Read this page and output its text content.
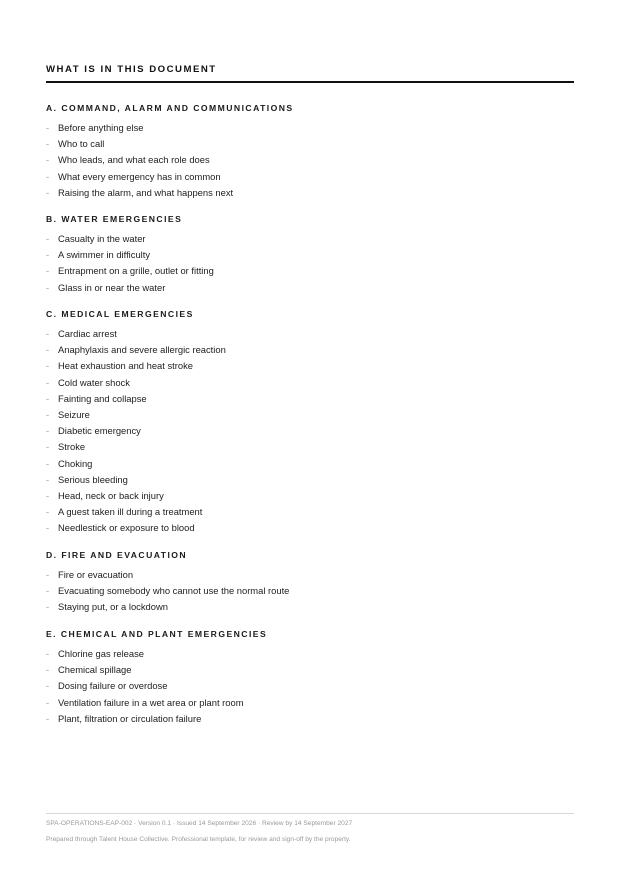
WHAT IS IN THIS DOCUMENT
A. COMMAND, ALARM AND COMMUNICATIONS
- Before anything else
- Who to call
- Who leads, and what each role does
- What every emergency has in common
- Raising the alarm, and what happens next
B. WATER EMERGENCIES
- Casualty in the water
- A swimmer in difficulty
- Entrapment on a grille, outlet or fitting
- Glass in or near the water
C. MEDICAL EMERGENCIES
- Cardiac arrest
- Anaphylaxis and severe allergic reaction
- Heat exhaustion and heat stroke
- Cold water shock
- Fainting and collapse
- Seizure
- Diabetic emergency
- Stroke
- Choking
- Serious bleeding
- Head, neck or back injury
- A guest taken ill during a treatment
- Needlestick or exposure to blood
D. FIRE AND EVACUATION
- Fire or evacuation
- Evacuating somebody who cannot use the normal route
- Staying put, or a lockdown
E. CHEMICAL AND PLANT EMERGENCIES
- Chlorine gas release
- Chemical spillage
- Dosing failure or overdose
- Ventilation failure in a wet area or plant room
- Plant, filtration or circulation failure
SPA-OPERATIONS-EAP-002 · Version 0.1 · Issued 14 September 2026 · Review by 14 September 2027
Prepared through Talent House Collective. Professional template, for review and sign-off by the property.
